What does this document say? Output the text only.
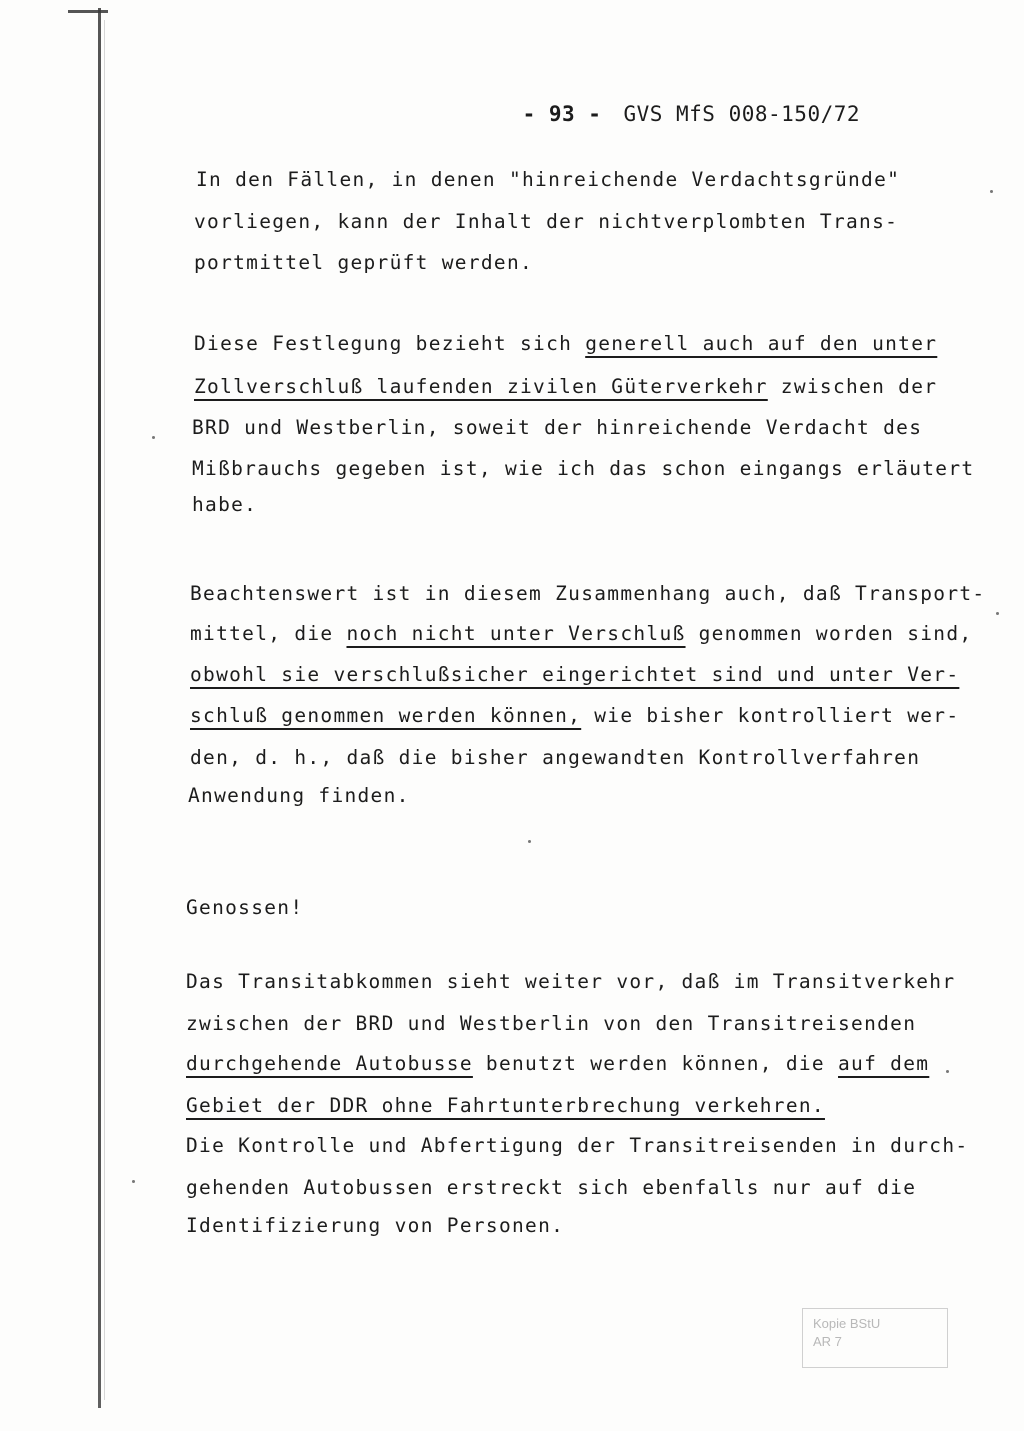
- 93 - GVS MfS 008-150/72

In den Fällen, in denen "hinreichende Verdachtsgründe"
vorliegen, kann der Inhalt der nichtverplombten Trans-
portmittel geprüft werden.
Diese Festlegung bezieht sich generell auch auf den unter
Zollverschluß laufenden zivilen Güterverkehr zwischen der
BRD und Westberlin, soweit der hinreichende Verdacht des
Mißbrauchs gegeben ist, wie ich das schon eingangs erläutert
habe.
Beachtenswert ist in diesem Zusammenhang auch, daß Transport-
mittel, die noch nicht unter Verschluß genommen worden sind,
obwohl sie verschlußsicher eingerichtet sind und unter Ver-
schluß genommen werden können, wie bisher kontrolliert wer-
den, d. h., daß die bisher angewandten Kontrollverfahren
Anwendung finden.
Genossen!
Das Transitabkommen sieht weiter vor, daß im Transitverkehr
zwischen der BRD und Westberlin von den Transitreisenden
durchgehende Autobusse benutzt werden können, die auf dem
Gebiet der DDR ohne Fahrtunterbrechung verkehren.
Die Kontrolle und Abfertigung der Transitreisenden in durch-
gehenden Autobussen erstreckt sich ebenfalls nur auf die
Identifizierung von Personen.
Kopie BStU
AR 7
